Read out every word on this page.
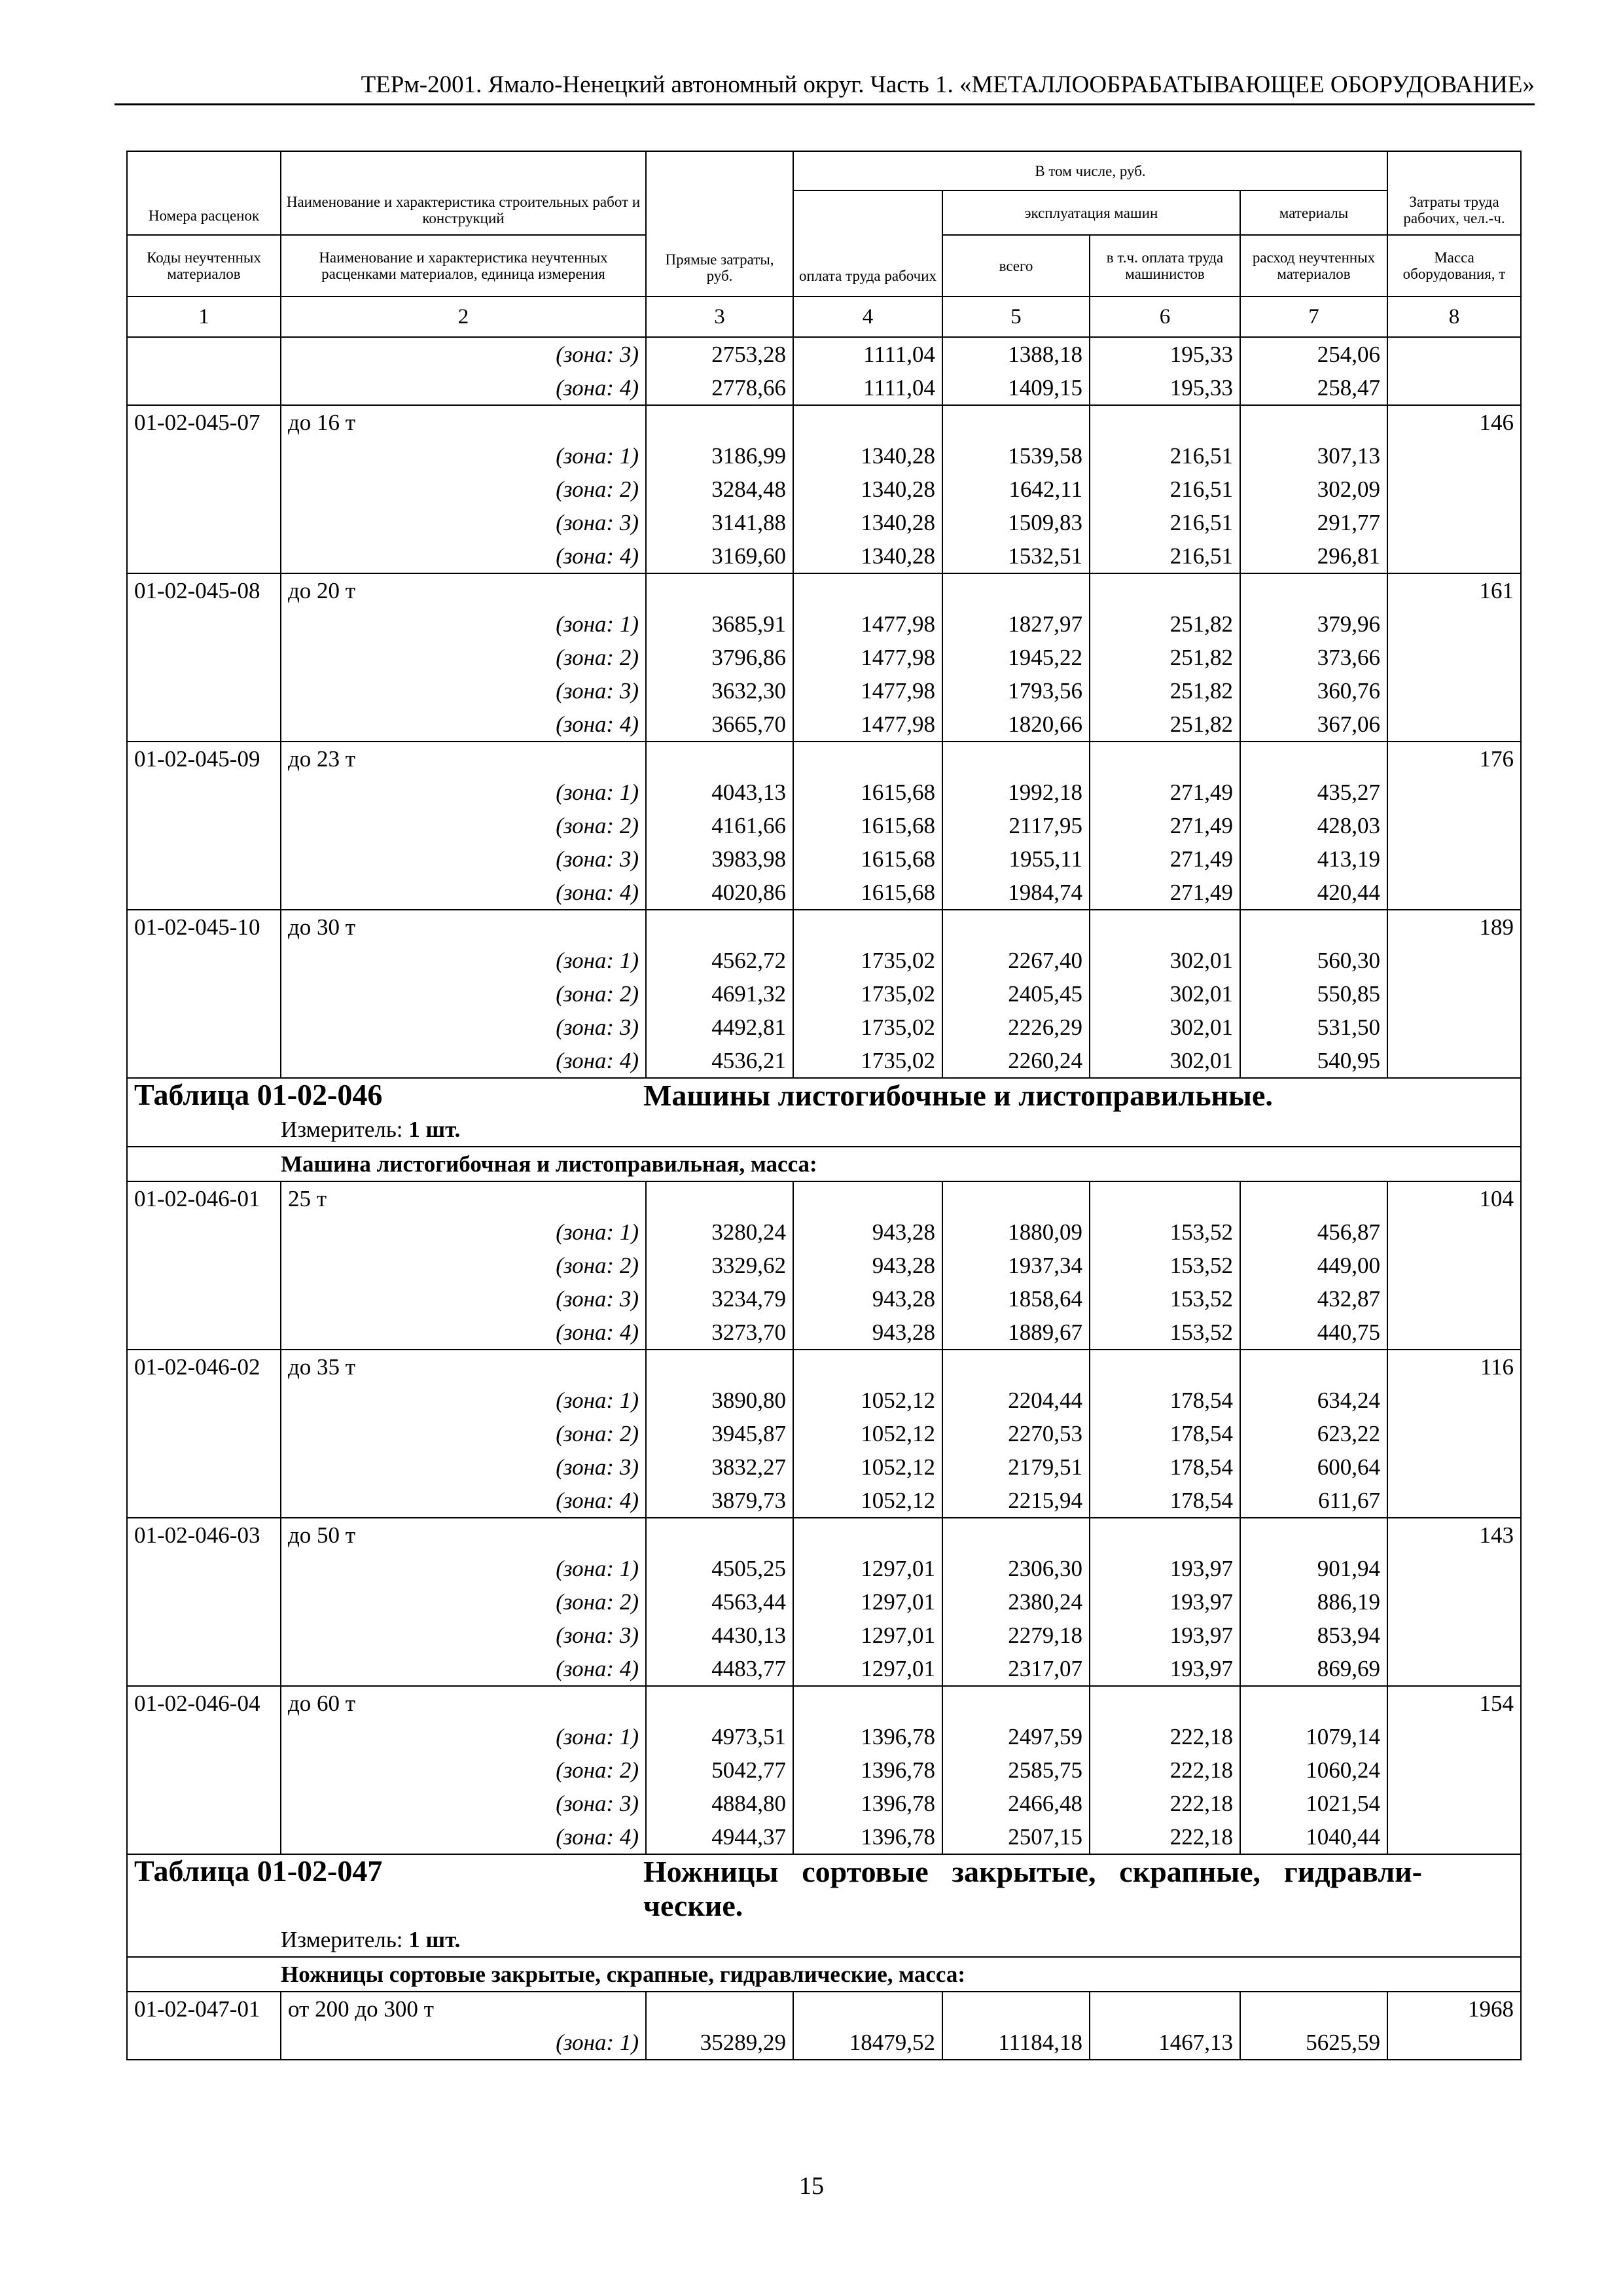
ТЕРм-2001. Ямало-Ненецкий автономный округ. Часть 1. «МЕТАЛЛООБРАБАТЫВАЮЩЕЕ ОБОРУДОВАНИЕ»
Номера расценок	Наименование и характеристика строительных работ и конструкций	Прямые затраты, руб.	В том числе, руб.				Затраты труда рабочих, чел.-ч.
			оплата труда рабочих	эксплуатация машин		материалы	
Коды неучтенных материалов	Наименование и характеристика неучтенных расценками материалов, единица измерения			всего	в т.ч. оплата труда машинистов	расход неучтенных материалов	Масса оборудования, т
1	2	3	4	5	6	7	8
	(зона: 3)	2753,28	1111,04	1388,18	195,33	254,06	
	(зона: 4)	2778,66	1111,04	1409,15	195,33	258,47	
01-02-045-07	до 16 т						146
	(зона: 1)	3186,99	1340,28	1539,58	216,51	307,13	
	(зона: 2)	3284,48	1340,28	1642,11	216,51	302,09	
	(зона: 3)	3141,88	1340,28	1509,83	216,51	291,77	
	(зона: 4)	3169,60	1340,28	1532,51	216,51	296,81	
01-02-045-08	до 20 т						161
	(зона: 1)	3685,91	1477,98	1827,97	251,82	379,96	
	(зона: 2)	3796,86	1477,98	1945,22	251,82	373,66	
	(зона: 3)	3632,30	1477,98	1793,56	251,82	360,76	
	(зона: 4)	3665,70	1477,98	1820,66	251,82	367,06	
01-02-045-09	до 23 т						176
	(зона: 1)	4043,13	1615,68	1992,18	271,49	435,27	
	(зона: 2)	4161,66	1615,68	2117,95	271,49	428,03	
	(зона: 3)	3983,98	1615,68	1955,11	271,49	413,19	
	(зона: 4)	4020,86	1615,68	1984,74	271,49	420,44	
01-02-045-10	до 30 т						189
	(зона: 1)	4562,72	1735,02	2267,40	302,01	560,30	
	(зона: 2)	4691,32	1735,02	2405,45	302,01	550,85	
	(зона: 3)	4492,81	1735,02	2226,29	302,01	531,50	
	(зона: 4)	4536,21	1735,02	2260,24	302,01	540,95	

Таблица 01-02-046 Машины листогибочные и листоправильные.							

Измеритель: 1 шт.							

Машина листогибочная и листоправильная, масса:							

01-02-046-01	25 т						104
	(зона: 1)	3280,24	943,28	1880,09	153,52	456,87	
	(зона: 2)	3329,62	943,28	1937,34	153,52	449,00	
	(зона: 3)	3234,79	943,28	1858,64	153,52	432,87	
	(зона: 4)	3273,70	943,28	1889,67	153,52	440,75	
01-02-046-02	до 35 т						116
	(зона: 1)	3890,80	1052,12	2204,44	178,54	634,24	
	(зона: 2)	3945,87	1052,12	2270,53	178,54	623,22	
	(зона: 3)	3832,27	1052,12	2179,51	178,54	600,64	
	(зона: 4)	3879,73	1052,12	2215,94	178,54	611,67	
01-02-046-03	до 50 т						143
	(зона: 1)	4505,25	1297,01	2306,30	193,97	901,94	
	(зона: 2)	4563,44	1297,01	2380,24	193,97	886,19	
	(зона: 3)	4430,13	1297,01	2279,18	193,97	853,94	
	(зона: 4)	4483,77	1297,01	2317,07	193,97	869,69	
01-02-046-04	до 60 т						154
	(зона: 1)	4973,51	1396,78	2497,59	222,18	1079,14	
	(зона: 2)	5042,77	1396,78	2585,75	222,18	1060,24	
	(зона: 3)	4884,80	1396,78	2466,48	222,18	1021,54	
	(зона: 4)	4944,37	1396,78	2507,15	222,18	1040,44	

Таблица 01-02-047 Ножницы сортовые закрытые, скрапные, гидравли-ческие.							

Измеритель: 1 шт.							

Ножницы сортовые закрытые, скрапные, гидравлические, масса:							

01-02-047-01	от 200 до 300 т						1968
	(зона: 1)	35289,29	18479,52	11184,18	1467,13	5625,59	
15
